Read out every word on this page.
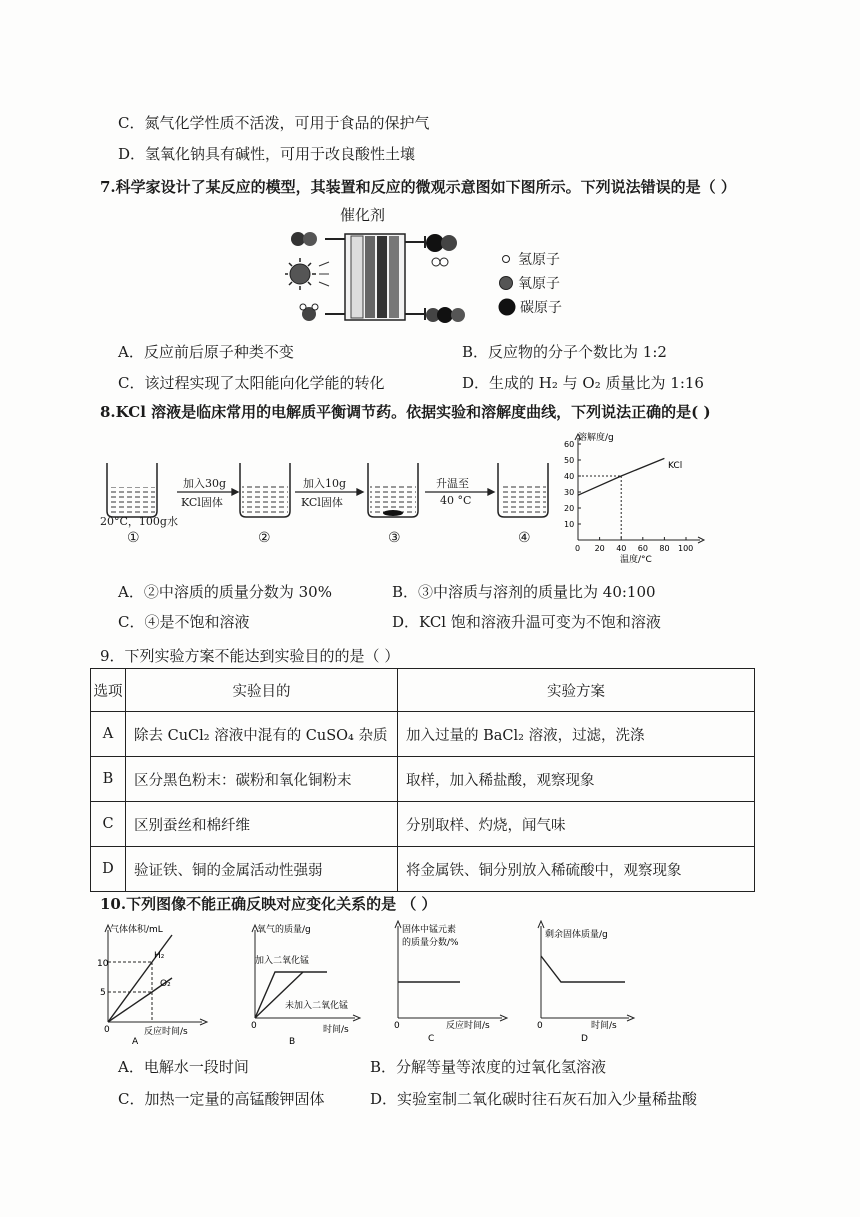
C．氮气化学性质不活泼，可用于食品的保护气
D．氢氧化钠具有碱性，可用于改良酸性土壤
7.科学家设计了某反应的模型，其装置和反应的微观示意图如下图所示。下列说法错误的是（ ）
催化剂
氢原子
氧原子
碳原子
A．反应前后原子种类不变	B．反应物的分子个数比为 1:2
C．该过程实现了太阳能向化学能的转化	D．生成的 H₂ 与 O₂ 质量比为 1:16
8.KCl 溶液是临床常用的电解质平衡调节药。依据实验和溶解度曲线，下列说法正确的是( )
加入30g
KCl固体
加入10g
KCl固体
升温至
40 °C
20°C，100g水
①	②	③	④
溶解度/g
KCl
温度/°C
10
20
30
40
50
60
0 20 40 60 80 100
A．②中溶质的质量分数为 30%	B．③中溶质与溶剂的质量比为 40:100
C．④是不饱和溶液	D．KCl 饱和溶液升温可变为不饱和溶液
9．下列实验方案不能达到实验目的的是（ ）
选项	实验目的	实验方案
A	除去 CuCl₂ 溶液中混有的 CuSO₄ 杂质	加入过量的 BaCl₂ 溶液，过滤，洗涤
B	区分黑色粉末：碳粉和氧化铜粉末	取样，加入稀盐酸，观察现象
C	区别蚕丝和棉纤维	分别取样、灼烧，闻气味
D	验证铁、铜的金属活动性强弱	将金属铁、铜分别放入稀硫酸中，观察现象
10.下列图像不能正确反映对应变化关系的是 （ ）
气体体积/mL
10
5
H₂
O₂
0	反应时间/s
A
氧气的质量/g
加入二氧化锰
未加入二氧化锰
0	时间/s
B
固体中锰元素
的质量分数/%
0	反应时间/s
C
剩余固体质量/g
0	时间/s
D
A．电解水一段时间	B．分解等量等浓度的过氧化氢溶液
C．加热一定量的高锰酸钾固体	D．实验室制二氧化碳时往石灰石加入少量稀盐酸
